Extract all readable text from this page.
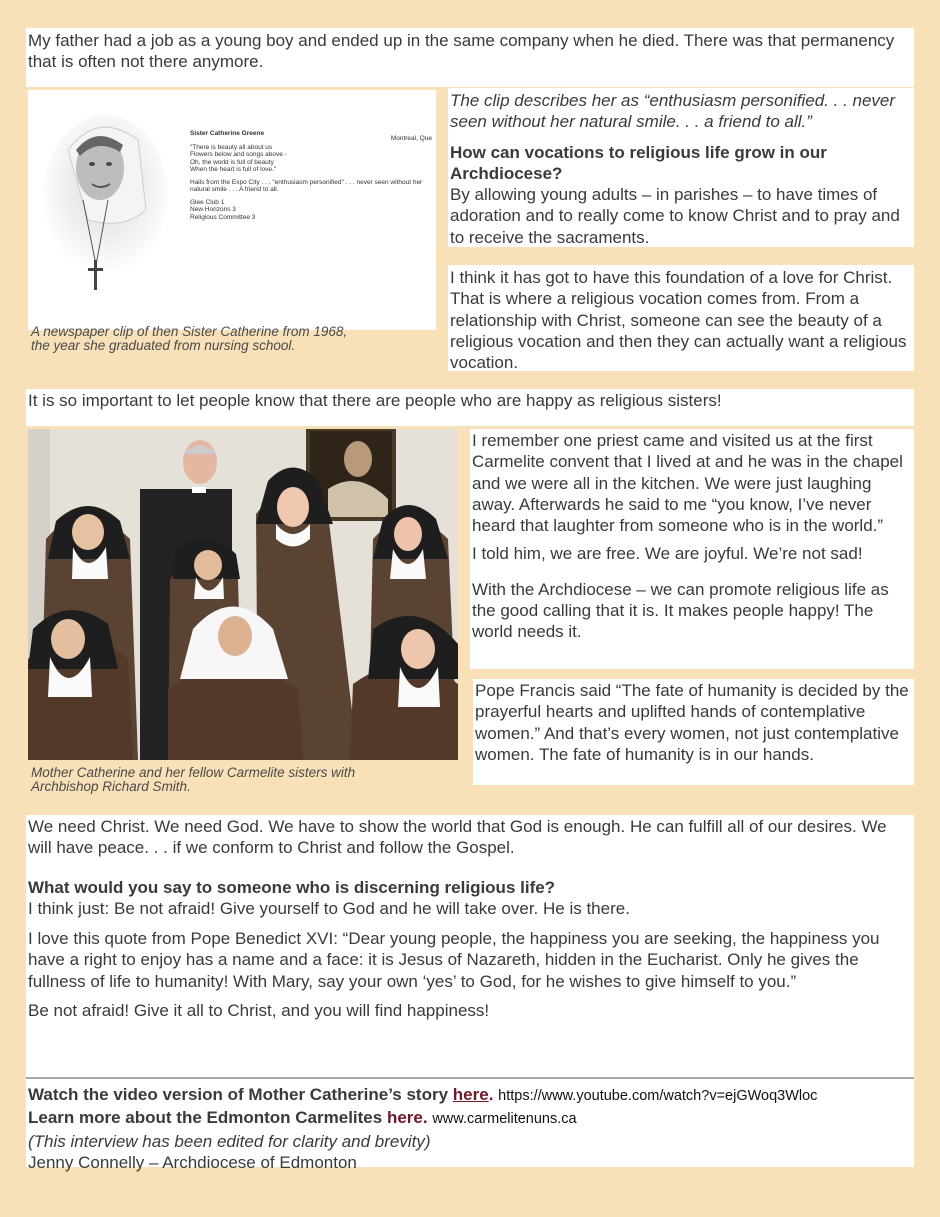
My father had a job as a young boy and ended up in the same company when he died. There was that permanency that is often not there anymore.

Montreal, Que
Sister Catherine Greene
"There is beauty all about us
Flowers below and songs above -
Oh, the world is full of beauty
When the heart is full of love."
Hails from the Expo City . . . "enthusiasm personified" . . . never seen without her natural smile . . . A friend to all.
Glee Club 1
New Horizons 3
Religious Committee 3
A newspaper clip of then Sister Catherine from 1968,
the year she graduated from nursing school.

The clip describes her as “enthusiasm personified. . . never seen without her natural smile. . . a friend to all.”

How can vocations to religious life grow in our Archdiocese?

By allowing young adults – in parishes – to have times of adoration and to really come to know Christ and to pray and to receive the sacraments.

I think it has got to have this foundation of a love for Christ. That is where a religious vocation comes from. From a relationship with Christ, someone can see the beauty of a religious vocation and then they can actually want a religious vocation.

It is so important to let people know that there are people who are happy as religious sisters!

Mother Catherine and her fellow Carmelite sisters with
Archbishop Richard Smith.

I remember one priest came and visited us at the first Carmelite convent that I lived at and he was in the chapel and we were all in the kitchen. We were just laughing away. Afterwards he said to me “you know, I’ve never heard that laughter from someone who is in the world.”

I told him, we are free. We are joyful. We’re not sad!

With the Archdiocese – we can promote religious life as the good calling that it is. It makes people happy! The world needs it.

Pope Francis said “The fate of humanity is decided by the prayerful hearts and uplifted hands of contemplative women.” And that’s every women, not just contemplative women. The fate of humanity is in our hands.

We need Christ. We need God. We have to show the world that God is enough. He can fulfill all of our desires. We will have peace. . . if we conform to Christ and follow the Gospel.

What would you say to someone who is discerning religious life?

I think just: Be not afraid! Give yourself to God and he will take over. He is there.

I love this quote from Pope Benedict XVI: “Dear young people, the happiness you are seeking, the happiness you have a right to enjoy has a name and a face: it is Jesus of Nazareth, hidden in the Eucharist. Only he gives the fullness of life to humanity! With Mary, say your own ‘yes’ to God, for he wishes to give himself to you.”

Be not afraid! Give it all to Christ, and you will find happiness!

Watch the video version of Mother Catherine’s story here. https://www.youtube.com/watch?v=ejGWoq3Wloc

Learn more about the Edmonton Carmelites here. www.carmelitenuns.ca

(This interview has been edited for clarity and brevity)

Jenny Connelly – Archdiocese of Edmonton
